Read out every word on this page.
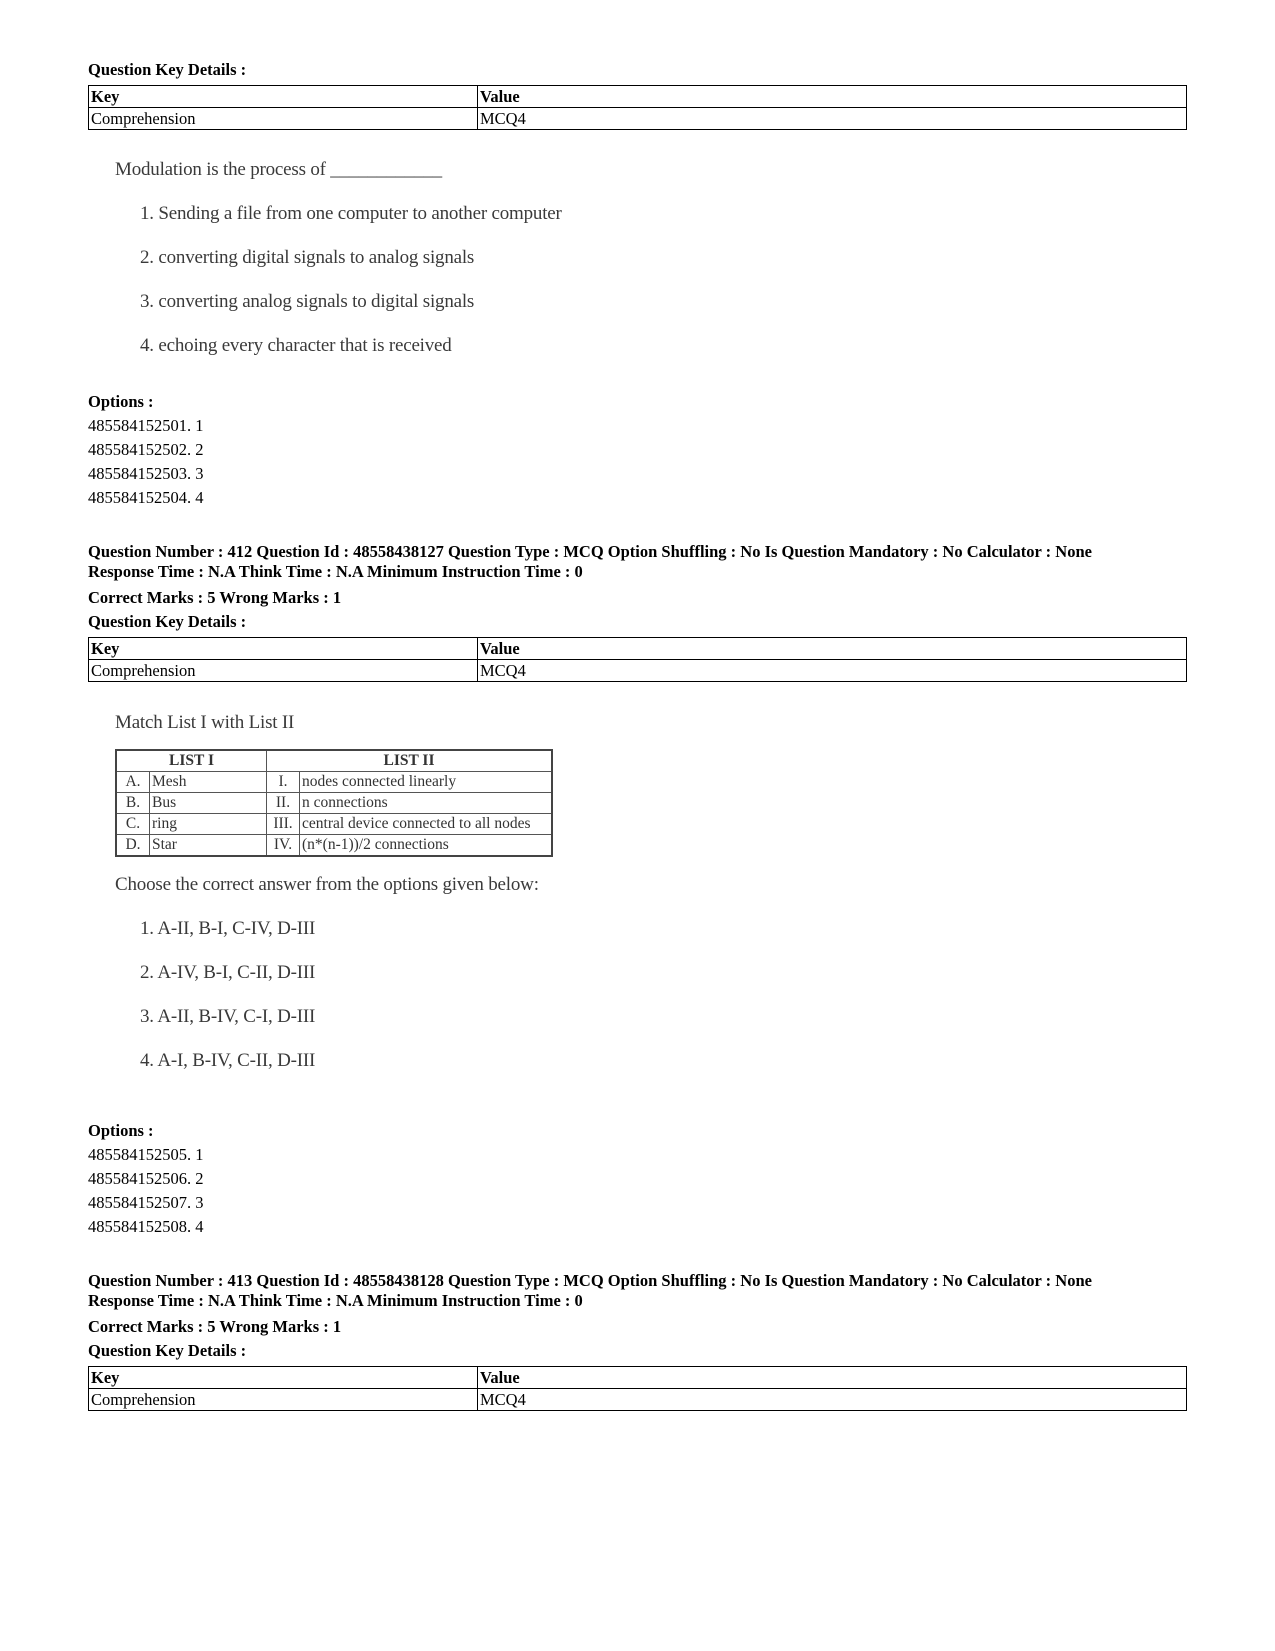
Question Key Details :
Key	Value
Comprehension	MCQ4
Modulation is the process of ____________
1. Sending a file from one computer to another computer
2. converting digital signals to analog signals
3. converting analog signals to digital signals
4. echoing every character that is received
Options :
485584152501. 1
485584152502. 2
485584152503. 3
485584152504. 4
Question Number : 412 Question Id : 48558438127 Question Type : MCQ Option Shuffling : No Is Question Mandatory : No Calculator : None
Response Time : N.A Think Time : N.A Minimum Instruction Time : 0
Correct Marks : 5 Wrong Marks : 1
Question Key Details :
Key	Value
Comprehension	MCQ4
Match List I with List II
LIST I		LIST II	
A.	Mesh	I.	nodes connected linearly
B.	Bus	II.	n connections
C.	ring	III.	central device connected to all nodes
D.	Star	IV.	(n*(n-1))/2 connections
Choose the correct answer from the options given below:
1. A-II, B-I, C-IV, D-III
2. A-IV, B-I, C-II, D-III
3. A-II, B-IV, C-I, D-III
4. A-I, B-IV, C-II, D-III
Options :
485584152505. 1
485584152506. 2
485584152507. 3
485584152508. 4
Question Number : 413 Question Id : 48558438128 Question Type : MCQ Option Shuffling : No Is Question Mandatory : No Calculator : None
Response Time : N.A Think Time : N.A Minimum Instruction Time : 0
Correct Marks : 5 Wrong Marks : 1
Question Key Details :
Key	Value
Comprehension	MCQ4
